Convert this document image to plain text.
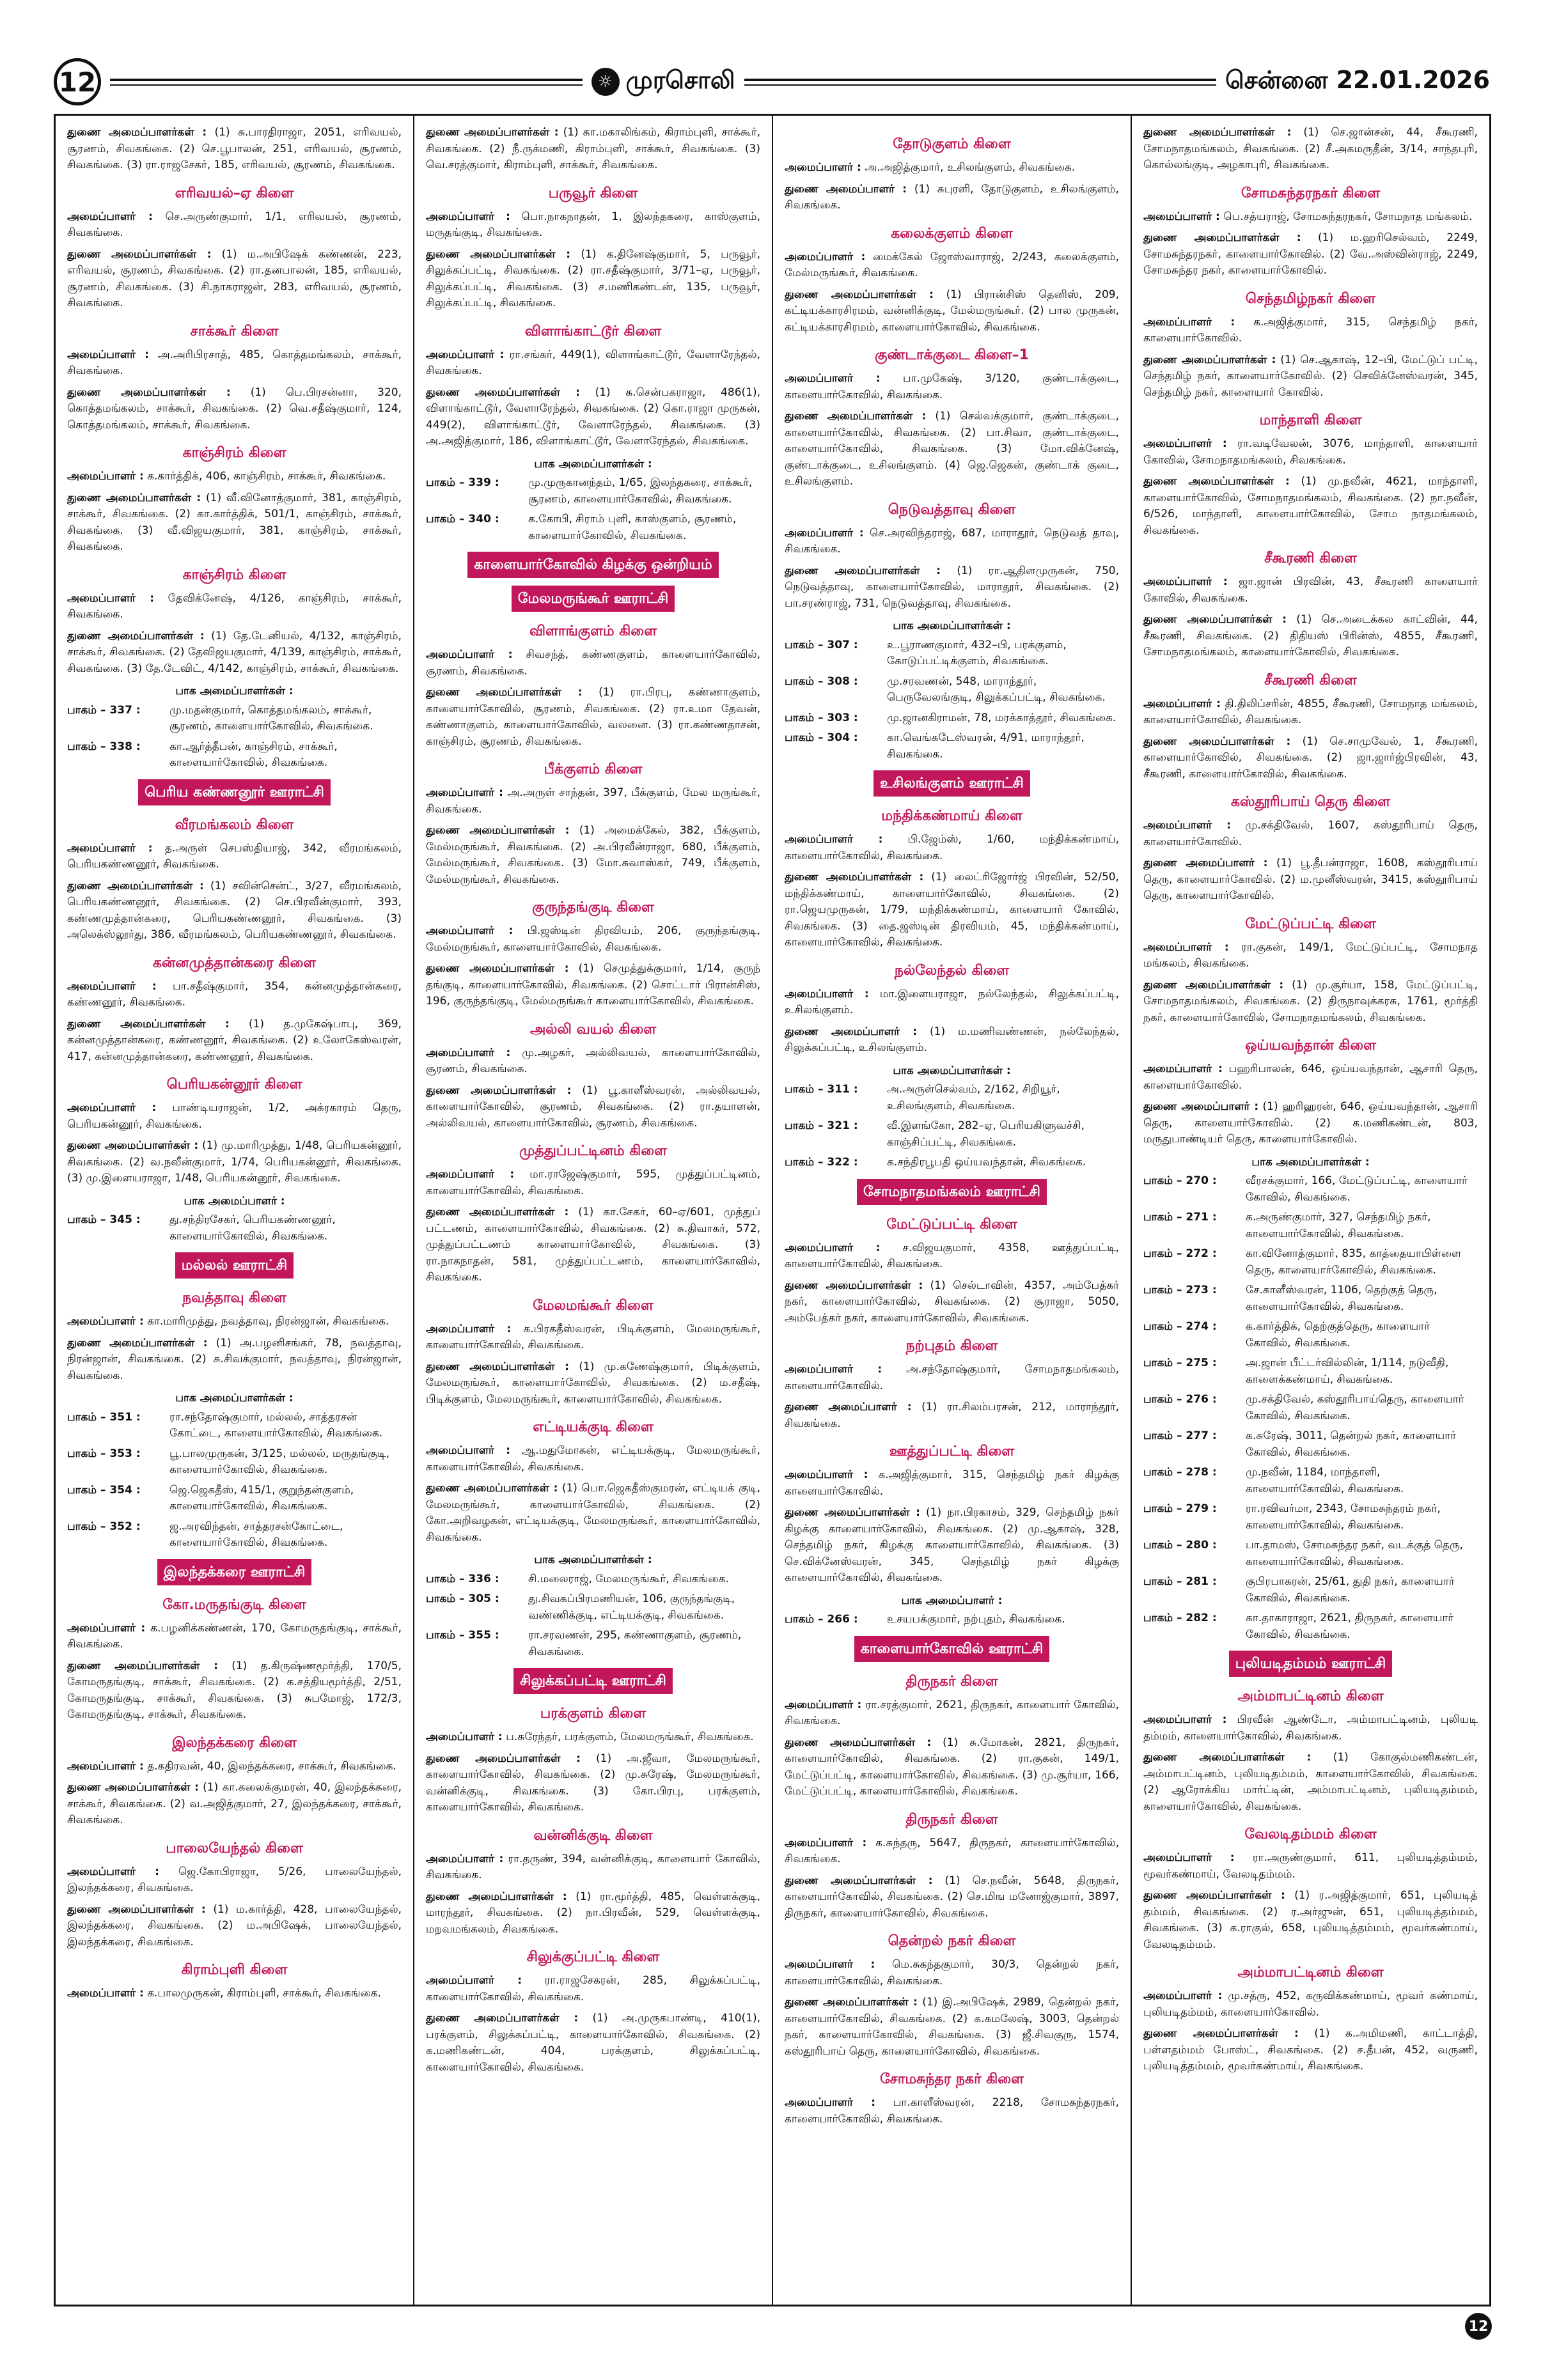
12	☼ முரசொலி	சென்னை 22.01.2026

துணை அமைப்பாளர்கள் : (1) சு.பாரதிராஜா, 2051, எரிவயல், சூரணம், சிவகங்கை. (2) செ.பூபாலன், 251, எரிவயல், சூரணம், சிவகங்கை. (3) ரா.ராஜசேகர், 185, எரிவயல், சூரணம், சிவகங்கை.

எரிவயல்–ஏ கிளை

அமைப்பாளர் : செ.அருண்குமார், 1/1, எரிவயல், சூரணம், சிவகங்கை.

துணை அமைப்பாளர்கள் : (1) ம.அபிஷேக் கண்ணன், 223, எரிவயல், சூரணம், சிவகங்கை. (2) ரா.தனபாலன், 185, எரிவயல், சூரணம், சிவகங்கை. (3) சி.நாகராஜன், 283, எரிவயல், சூரணம், சிவகங்கை.

சாக்கூர் கிளை

அமைப்பாளர் : அ.அரிபிரசாத், 485, கொத்தமங்கலம், சாக்கூர், சிவகங்கை.

துணை அமைப்பாளர்கள் : (1) பெ.பிரசன்னா, 320, கொத்தமங்கலம், சாக்கூர், சிவகங்கை. (2) வெ.சதீஷ்குமார், 124, கொத்தமங்கலம், சாக்கூர், சிவகங்கை.

காஞ்சிரம் கிளை

அமைப்பாளர் : க.கார்த்திக், 406, காஞ்சிரம், சாக்கூர், சிவகங்கை.

துணை அமைப்பாளர்கள் : (1) வீ.வினோத்குமார், 381, காஞ்சிரம், சாக்கூர், சிவகங்கை. (2) கா.கார்த்திக், 501/1, காஞ்சிரம், சாக்கூர், சிவகங்கை. (3) வீ.விஜயகுமார், 381, காஞ்சிரம், சாக்கூர், சிவகங்கை.

காஞ்சிரம் கிளை

அமைப்பாளர் : தேவிக்னேஷ், 4/126, காஞ்சிரம், சாக்கூர், சிவகங்கை.

துணை அமைப்பாளர்கள் : (1) தே.டேனியல், 4/132, காஞ்சிரம், சாக்கூர், சிவகங்கை. (2) தேவிஜயகுமார், 4/139, காஞ்சிரம், சாக்கூர், சிவகங்கை. (3) தே.டேவிட், 4/142, காஞ்சிரம், சாக்கூர், சிவகங்கை.

பாக அமைப்பாளர்கள் :
பாகம் – 337 :	மு.மதன்குமார், கொத்தமங்கலம், சாக்கூர், சூரணம், காளையார்கோவில், சிவகங்கை.
பாகம் – 338 :	கா.ஆர்த்தீபன், காஞ்சிரம், சாக்கூர், காளையார்கோவில், சிவகங்கை.
பெரிய கண்ணனூர் ஊராட்சி
வீரமங்கலம் கிளை

அமைப்பாளர் : த.அருள் செபஸ்தியாஜ், 342, வீரமங்கலம், பெரியகண்ணனூர், சிவகங்கை.

துணை அமைப்பாளர்கள் : (1) சவின்சென்ட், 3/27, வீரமங்கலம், பெரியகண்ணனூர், சிவகங்கை. (2) செ.பிரவீன்குமார், 393, கண்ணமுத்தான்கரை, பெரியகண்ணனூர், சிவகங்கை. (3) அலெக்ஸ்லூர்து, 386, வீரமங்கலம், பெரியகண்ணனூர், சிவகங்கை.

கன்னமுத்தான்கரை கிளை

அமைப்பாளர் : பா.சதீஷ்குமார், 354, கன்னமுத்தான்கரை, கண்ணனூர், சிவகங்கை.

துணை அமைப்பாளர்கள் : (1) த.முகேஷ்பாபு, 369, கன்னமுத்தான்கரை, கண்ணனூர், சிவகங்கை. (2) உலோகேஸ்வரன், 417, கன்னமுத்தான்கரை, கண்ணனூர், சிவகங்கை.

பெரியகன்னூர் கிளை

அமைப்பாளர் : பாண்டியராஜன், 1/2, அக்ரகாரம் தெரு, பெரியகன்னூர், சிவகங்கை.

துணை அமைப்பாளர்கள் : (1) மு.மாரிமுத்து, 1/48, பெரியகன்னூர், சிவகங்கை. (2) வ.நவீன்குமார், 1/74, பெரியகன்னூர், சிவகங்கை. (3) மு.இளையராஜா, 1/48, பெரியகன்னூர், சிவகங்கை.

பாக அமைப்பாளர் :
பாகம் – 345 :	து.சந்திரசேகர், பெரியகண்ணனூர், காளையார்கோவில், சிவகங்கை.
மல்லல் ஊராட்சி
நவத்தாவு கிளை

அமைப்பாளர் : கா.மாரிமுத்து, நவத்தாவு, நிரன்ஜான், சிவகங்கை.

துணை அமைப்பாளர்கள் : (1) அ.பழனிசங்கர், 78, நவத்தாவு, நிரன்ஜான், சிவகங்கை. (2) சு.சிவக்குமார், நவத்தாவு, நிரன்ஜான், சிவகங்கை.

பாக அமைப்பாளர்கள் :
பாகம் – 351 :	ரா.சந்தோஷ்குமார், மல்லல், சாத்தரசன் கோட்டை, காளையார்கோவில், சிவகங்கை.
பாகம் – 353 :	பூ.பாலமுருகன், 3/125, மல்லல், மருதங்குடி, காளையார்கோவில், சிவகங்கை.
பாகம் – 354 :	ஜெ.ஜெகதீஸ், 415/1, குறுந்தன்குளம், காளையார்கோவில், சிவகங்கை.
பாகம் – 352 :	ஜ.அரவிந்தன், சாத்தரசன்கோட்டை, காளையார்கோவில், சிவகங்கை.
இலந்தக்கரை ஊராட்சி
கோ.மருதங்குடி கிளை

அமைப்பாளர் : க.பழனிக்கண்ணன், 170, கோமருதங்குடி, சாக்கூர், சிவகங்கை.

துணை அமைப்பாளர்கள் : (1) த.கிருஷ்ணமூர்த்தி, 170/5, கோமருதங்குடி, சாக்கூர், சிவகங்கை. (2) க.சத்தியமூர்த்தி, 2/51, கோமருதங்குடி, சாக்கூர், சிவகங்கை. (3) சுபமோஜ், 172/3, கோமருதங்குடி, சாக்கூர், சிவகங்கை.

இலந்தக்கரை கிளை

அமைப்பாளர் : த.கதிரவன், 40, இலந்தக்கரை, சாக்கூர், சிவகங்கை.

துணை அமைப்பாளர்கள் : (1) கா.கலைக்குமரன், 40, இலந்தக்கரை, சாக்கூர், சிவகங்கை. (2) வ.அஜித்குமார், 27, இலந்தக்கரை, சாக்கூர், சிவகங்கை.

பாலையேந்தல் கிளை

அமைப்பாளர் : ஜெ.கோபிராஜா, 5/26, பாலையேந்தல், இலந்தக்கரை, சிவகங்கை.

துணை அமைப்பாளர்கள் : (1) ம.கார்த்தி, 428, பாலையேந்தல், இலந்தக்கரை, சிவகங்கை. (2) ம.அபிஷேக், பாலையேந்தல், இலந்தக்கரை, சிவகங்கை.

கிராம்புளி கிளை

அமைப்பாளர் : க.பாலமுருகன், கிராம்புளி, சாக்கூர், சிவகங்கை.

துணை அமைப்பாளர்கள் : (1) கா.மகாலிங்கம், கிராம்புளி, சாக்கூர், சிவகங்கை. (2) நீ.ருக்மணி, கிராம்புளி, சாக்கூர், சிவகங்கை. (3) வெ.சரத்குமார், கிராம்புளி, சாக்கூர், சிவகங்கை.

பருவூர் கிளை

அமைப்பாளர் : பொ.நாகநாதன், 1, இலந்தகரை, காஸ்குளம், மருதங்குடி, சிவகங்கை.

துணை அமைப்பாளர்கள் : (1) க.தினேஷ்குமார், 5, பருவூர், சிலுக்கப்பட்டி, சிவகங்கை. (2) ரா.சதீஷ்குமார், 3/71–ஏ, பருவூர், சிலுக்கப்பட்டி, சிவகங்கை. (3) ச.மணிகண்டன், 135, பருவூர், சிலுக்கப்பட்டி, சிவகங்கை.

விளாங்காட்டூர் கிளை

அமைப்பாளர் : ரா.சங்கர், 449(1), விளாங்காட்டூர், வேளாரேந்தல், சிவகங்கை.

துணை அமைப்பாளர்கள் : (1) க.சென்பகராஜா, 486(1), விளாங்காட்டூர், வேளாரேந்தல், சிவகங்கை. (2) கொ.ராஜா முருகன், 449(2), விளாங்காட்டூர், வேளாரேந்தல், சிவகங்கை. (3) அ.அஜித்குமார், 186, விளாங்காட்டூர், வேளாரேந்தல், சிவகங்கை.

பாக அமைப்பாளர்கள் :
பாகம் – 339 :	மு.முருகானந்தம், 1/65, இலந்தகரை, சாக்கூர், சூரணம், காளையார்கோவில், சிவகங்கை.
பாகம் – 340 :	க.கோபி, சிராம் புளி, காஸ்குளம், சூரணம், காளையார்கோவில், சிவகங்கை.
காளையார்கோவில் கிழக்கு ஒன்றியம்
மேலமருங்கூர் ஊராட்சி
விளாங்குளம் கிளை

அமைப்பாளர் : சிவசந்த், கண்ணகுளம், காளையார்கோவில், சூரணம், சிவகங்கை.

துணை அமைப்பாளர்கள் : (1) ரா.பிரபு, கண்ணாகுளம், காளையார்கோவில், சூரணம், சிவகங்கை. (2) ரா.உமா தேவன், கண்ணாகுளம், காளையார்கோவில், வலனை. (3) ரா.கண்ணதாசன், காஞ்சிரம், சூரணம், சிவகங்கை.

பீக்குளம் கிளை

அமைப்பாளர் : அ.அருள் சாந்தன், 397, பீக்குளம், மேல மருங்கூர், சிவகங்கை.

துணை அமைப்பாளர்கள் : (1) அமைக்கேல், 382, பீக்குளம், மேல்மருங்கூர், சிவகங்கை. (2) அ.பிரவீன்ராஜா, 680, பீக்குளம், மேல்மருங்கூர், சிவகங்கை. (3) மோ.சுவாஸ்கர், 749, பீக்குளம், மேல்மருங்கூர், சிவகங்கை.

குருந்தங்குடி கிளை

அமைப்பாளர் : பி.ஜஸ்டின் திரவியம், 206, குருந்தங்குடி, மேல்மருங்கூர், காளையார்கோவில், சிவகங்கை.

துணை அமைப்பாளர்கள் : (1) செமுத்துக்குமார், 1/14, குருந் தங்குடி, காளையார்கோவில், சிவகங்கை. (2) சொட்டார் பிரான்சிஸ், 196, குருந்தங்குடி, மேல்மருங்கூர் காளையார்கோவில், சிவகங்கை.

அல்லி வயல் கிளை

அமைப்பாளர் : மு.அழகர், அல்லிவயல், காளையார்கோவில், சூரணம், சிவகங்கை.

துணை அமைப்பாளர்கள் : (1) பூ.காளீஸ்வரன், அல்லிவயல், காளையார்கோவில், சூரணம், சிவகங்கை. (2) ரா.தயாளன், அல்லிவயல், காளையார்கோவில், சூரணம், சிவகங்கை.

முத்துப்பட்டினம் கிளை

அமைப்பாளர் : மா.ராஜேஷ்குமார், 595, முத்துப்பட்டினம், காளையார்கோவில், சிவகங்கை.

துணை அமைப்பாளர்கள் : (1) கா.சேகர், 60–ஏ/601, முத்துப் பட்டணம், காளையார்கோவில், சிவகங்கை. (2) சு.திவாகர், 572, முத்துப்பட்டணம் காளையார்கோவில், சிவகங்கை. (3) ரா.நாகநாதன், 581, முத்துப்பட்டணம், காளையார்கோவில், சிவகங்கை.

மேலமங்கூர் கிளை

அமைப்பாளர் : க.பிரகதீஸ்வரன், பிடிக்குளம், மேலமருங்கூர், காளையார்கோவில், சிவகங்கை.

துணை அமைப்பாளர்கள் : (1) மு.கணேஷ்குமார், பிடிக்குளம், மேலமருங்கூர், காளையார்கோவில், சிவகங்கை. (2) ம.சதீஷ், பிடிக்குளம், மேலமருங்கூர், காளையார்கோவில், சிவகங்கை.

எட்டியக்குடி கிளை

அமைப்பாளர் : ஆ.மதுமோகன், எட்டியக்குடி, மேலமருங்கூர், காளையார்கோவில், சிவகங்கை.

துணை அமைப்பாளர்கள் : (1) பொ.ஜெகதீஸ்குமரன், எட்டியக் குடி, மேலமருங்கூர், காளையார்கோவில், சிவகங்கை. (2) கோ.அறிவழகன், எட்டியக்குடி, மேலமருங்கூர், காளையார்கோவில், சிவகங்கை.

பாக அமைப்பாளர்கள் :
பாகம் – 336 :	சி.மலைராஜ், மேலமருங்கூர், சிவகங்கை.
பாகம் – 305 :	து.சிவகப்பிரமணியன், 106, குருந்தங்குடி, வண்ணிக்குடி, எட்டியக்குடி, சிவகங்கை.
பாகம் – 355 :	ரா.சரவணன், 295, கண்ணாகுளம், சூரணம், சிவகங்கை.
சிலுக்கப்பட்டி ஊராட்சி
பரக்குளம் கிளை

அமைப்பாளர் : ப.சுரேந்தர், பரக்குளம், மேலமருங்கூர், சிவகங்கை.

துணை அமைப்பாளர்கள் : (1) அ.ஜீவா, மேலமருங்கூர், காளையார்கோவில், சிவகங்கை. (2) மு.சுரேஷ், மேலமருங்கூர், வன்னிக்குடி, சிவகங்கை. (3) கோ.பிரபு, பரக்குளம், காளையார்கோவில், சிவகங்கை.

வன்னிக்குடி கிளை

அமைப்பாளர் : ரா.தருண், 394, வன்னிக்குடி, காளையார் கோவில், சிவகங்கை.

துணை அமைப்பாளர்கள் : (1) ரா.மூர்த்தி, 485, வெள்ளக்குடி, மாரந்தூர், சிவகங்கை. (2) நா.பிரவீன், 529, வெள்ளக்குடி, மறவமங்கலம், சிவகங்கை.

சிலுக்குப்பட்டி கிளை

அமைப்பாளர் : ரா.ராஜசேகரன், 285, சிலுக்கப்பட்டி, காளையார்கோவில், சிவகங்கை.

துணை அமைப்பாளர்கள் : (1) அ.முருகபாண்டி, 410(1), பரக்குளம், சிலுக்கப்பட்டி, காளையார்கோவில், சிவகங்கை. (2) க.மணிகண்டன், 404, பரக்குளம், சிலுக்கப்பட்டி, காளையார்கோவில், சிவகங்கை.

தோடுகுளம் கிளை

அமைப்பாளர் : அ.அஜித்குமார், உசிலங்குளம், சிவகங்கை.

துணை அமைப்பாளர் : (1) சுபுரளி, தோடுகுளம், உசிலங்குளம், சிவகங்கை.

கலைக்குளம் கிளை

அமைப்பாளர் : மைக்கேல் ஜோஸ்வாராஜ், 2/243, கலைக்குளம், மேல்மருங்கூர், சிவகங்கை.

துணை அமைப்பாளர்கள் : (1) பிரான்சிஸ் தெனிஸ், 209, கட்டியக்காரசிரமம், வன்னிக்குடி, மேல்மருங்கூர். (2) பால முருகன், கட்டியக்காரசிரமம், காளையார்கோவில், சிவகங்கை.

குண்டாக்குடை கிளை–1

அமைப்பாளர் : பா.முகேஷ், 3/120, குண்டாக்குடை, காளையார்கோவில், சிவகங்கை.

துணை அமைப்பாளர்கள் : (1) செல்வக்குமார், குண்டாக்குடை, காளையார்கோவில், சிவகங்கை. (2) பா.சிவா, குண்டாக்குடை, காளையார்கோவில், சிவகங்கை. (3) மோ.விக்னேஷ், குண்டாக்குடை, உசிலங்குளம். (4) ஜெ.ஜெகன், குண்டாக் குடை, உசிலங்குளம்.

நெடுவத்தாவு கிளை

அமைப்பாளர் : செ.அரவிந்தராஜ், 687, மாராதூர், நெடுவத் தாவு, சிவகங்கை.

துணை அமைப்பாளர்கள் : (1) ரா.ஆதிளமுருகன், 750, நெடுவத்தாவு, காளையார்கோவில், மாராதூர், சிவகங்கை. (2) பா.சரண்ராஜ், 731, நெடுவத்தாவு, சிவகங்கை.

பாக அமைப்பாளர்கள் :
பாகம் – 307 :	உ.பூராணகுமார், 432–பி, பரக்குளம், கோடுப்பட்டிக்குளம், சிவகங்கை.
பாகம் – 308 :	மு.சரவணன், 548, மாராந்தூர், பெருவேலங்குடி, சிலுக்கப்பட்டி, சிவகங்கை.
பாகம் – 303 :	மு.ஜானகிராமன், 78, மரக்காத்தூர், சிவகங்கை.
பாகம் – 304 :	கா.வெங்கடேஸ்வரன், 4/91, மாராந்தூர், சிவகங்கை.
உசிலங்குளம் ஊராட்சி
மந்திக்கண்மாய் கிளை

அமைப்பாளர் : பி.ஜேம்ஸ், 1/60, மந்திக்கண்மாய், காளையார்கோவில், சிவகங்கை.

துணை அமைப்பாளர்கள் : (1) லைட்ரிஜோர்ஜ் பிரவின், 52/50, மந்திக்கண்மாய், காளையார்கோவில், சிவகங்கை. (2) ரா.ஜெயமுருகன், 1/79, மந்திக்கண்மாய், காளையார் கோவில், சிவகங்கை. (3) தை.ஜஸ்டின் திரவியம், 45, மந்திக்கண்மாய், காளையார்கோவில், சிவகங்கை.

நல்லேந்தல் கிளை

அமைப்பாளர் : மா.இளையராஜா, நல்லேந்தல், சிலுக்கப்பட்டி, உசிலங்குளம்.

துணை அமைப்பாளர் : (1) ம.மணிவண்ணன், நல்லேந்தல், சிலுக்கப்பட்டி, உசிலங்குளம்.

பாக அமைப்பாளர்கள் :
பாகம் – 311 :	அ.அருள்செல்வம், 2/162, சிறியூர், உசிலங்குளம், சிவகங்கை.
பாகம் – 321 :	வீ.இளங்கோ, 282–ஏ, பெரியகிளுவச்சி, காஞ்சிப்பட்டி, சிவகங்கை.
பாகம் – 322 :	க.சந்திரபூபதி ஒய்யவந்தான், சிவகங்கை.
சோமநாதமங்கலம் ஊராட்சி
மேட்டுப்பட்டி கிளை

அமைப்பாளர் : ச.விஜயகுமார், 4358, ஊத்துப்பட்டி, காளையார்கோவில், சிவகங்கை.

துணை அமைப்பாளர்கள் : (1) செல்டாவின், 4357, அம்பேத்கர் நகர், காளையார்கோவில், சிவகங்கை. (2) சூராஜா, 5050, அம்பேத்கர் நகர், காளையார்கோவில், சிவகங்கை.

நற்புதம் கிளை

அமைப்பாளர் : அ.சந்தோஷ்குமார், சோமநாதமங்கலம், காளையார்கோவில்.

துணை அமைப்பாளர் : (1) ரா.சிலம்பரசன், 212, மாராந்தூர், சிவகங்கை.

ஊத்துப்பட்டி கிளை

அமைப்பாளர் : க.அஜித்குமார், 315, செந்தமிழ் நகர் கிழக்கு காளையார்கோவில்.

துணை அமைப்பாளர்கள் : (1) நா.பிரகாசம், 329, செந்தமிழ் நகர் கிழக்கு காளையார்கோவில், சிவகங்கை. (2) மு.ஆகாஷ், 328, செந்தமிழ் நகர், கிழக்கு காளையார்கோவில், சிவகங்கை. (3) செ.விக்னேஸ்வரன், 345, செந்தமிழ் நகர் கிழக்கு காளையார்கோவில், சிவகங்கை.

பாக அமைப்பாளர் :
பாகம் – 266 :	உசயபக்குமார், நற்புதம், சிவகங்கை.
காளையார்கோவில் ஊராட்சி
திருநகர் கிளை

அமைப்பாளர் : ரா.சரத்குமார், 2621, திருநகர், காளையார் கோவில், சிவகங்கை.

துணை அமைப்பாளர்கள் : (1) சு.மோகன், 2821, திருநகர், காளையார்கோவில், சிவகங்கை. (2) ரா.குகன், 149/1, மேட்டுப்பட்டி, காளையார்கோவில், சிவகங்கை. (3) மு.சூர்யா, 166, மேட்டுப்பட்டி, காளையார்கோவில், சிவகங்கை.

திருநகர் கிளை

அமைப்பாளர் : க.சுந்தரு, 5647, திருநகர், காளையார்கோவில், சிவகங்கை.

துணை அமைப்பாளர்கள் : (1) செ.நவீன், 5648, திருநகர், காளையார்கோவில், சிவகங்கை. (2) செ.மிங மனோஜ்குமார், 3897, திருநகர், காளையார்கோவில், சிவகங்கை.

தென்றல் நகர் கிளை

அமைப்பாளர் : மெ.சுகந்தகுமார், 30/3, தென்றல் நகர், காளையார்கோவில், சிவகங்கை.

துணை அமைப்பாளர்கள் : (1) இ.அபிஷேக், 2989, தென்றல் நகர், காளையார்கோவில், சிவகங்கை. (2) க.கமலேஷ், 3003, தென்றல் நகர், காளையார்கோவில், சிவகங்கை. (3) ஜீ.சிவகுரு, 1574, கஸ்தூரிபாய் தெரு, காளையார்கோவில், சிவகங்கை.

சோமசுந்தர நகர் கிளை

அமைப்பாளர் : பா.காளீஸ்வரன், 2218, சோமசுந்தரநகர், காளையார்கோவில், சிவகங்கை.

துணை அமைப்பாளர்கள் : (1) செ.ஜான்சன், 44, சீகூரணி, சோமநாதமங்கலம், சிவகங்கை. (2) சீ.அகமருதீன், 3/14, சாந்தபுரி, கொல்லங்குடி, அழகாபுரி, சிவகங்கை.

சோமசுந்தரநகர் கிளை

அமைப்பாளர் : பெ.சத்யராஜ், சோமசுந்தரநகர், சோமநாத மங்கலம்.

துணை அமைப்பாளர்கள் : (1) ம.ஹரிசெல்வம், 2249, சோமசுந்தரநகர், காளையார்கோவில். (2) வே.அஸ்வின்ராஜ், 2249, சோமசுந்தர நகர், காளையார்கோவில்.

செந்தமிழ்நகர் கிளை

அமைப்பாளர் : க.அஜித்குமார், 315, செந்தமிழ் நகர், காளையார்கோவில்.

துணை அமைப்பாளர்கள் : (1) செ.ஆகாஷ், 12–பி, மேட்டுப் பட்டி, செந்தமிழ் நகர், காளையார்கோவில். (2) செவிக்னேஸ்வரன், 345, செந்தமிழ் நகர், காளையார் கோவில்.

மாந்தாளி கிளை

அமைப்பாளர் : ரா.வடிவேலன், 3076, மாந்தாளி, காளையார் கோவில், சோமநாதமங்கலம், சிவகங்கை.

துணை அமைப்பாளர்கள் : (1) மு.நவீன், 4621, மாந்தாளி, காளையார்கோவில், சோமநாதமங்கலம், சிவகங்கை. (2) நா.நவீன், 6/526, மாந்தாளி, காளையார்கோவில், சோம நாதமங்கலம், சிவகங்கை.

சீகூரணி கிளை

அமைப்பாளர் : ஜா.ஜான் பிரவின், 43, சீகூரணி காளையார் கோவில், சிவகங்கை.

துணை அமைப்பாளர்கள் : (1) செ.அடைக்கல காட்வின், 44, சீகூரணி, சிவகங்கை. (2) திதியஸ் பிரின்ஸ், 4855, சீகூரணி, சோமநாதமங்கலம், காளையார்கோவில், சிவகங்கை.

சீகூரணி கிளை

அமைப்பாளர் : தி.திலிப்சரின், 4855, சீகூரணி, சோமநாத மங்கலம், காளையார்கோவில், சிவகங்கை.

துணை அமைப்பாளர்கள் : (1) செ.சாமுவேல், 1, சீகூரணி, காளையார்கோவில், சிவகங்கை. (2) ஜா.ஜார்ஜ்பிரவின், 43, சீகூரணி, காளையார்கோவில், சிவகங்கை.

கஸ்தூரிபாய் தெரு கிளை

அமைப்பாளர் : மு.சக்திவேல், 1607, கஸ்தூரிபாய் தெரு, காளையார்கோவில்.

துணை அமைப்பாளர் : (1) பூ.தீபன்ராஜா, 1608, கஸ்தூரிபாய் தெரு, காளையார்கோவில். (2) ம.முனீஸ்வரன், 3415, கஸ்தூரிபாய் தெரு, காளையார்கோவில்.

மேட்டுப்பட்டி கிளை

அமைப்பாளர் : ரா.குகன், 149/1, மேட்டுப்பட்டி, சோமநாத மங்கலம், சிவகங்கை.

துணை அமைப்பாளர்கள் : (1) மு.சூர்யா, 158, மேட்டுப்பட்டி, சோமநாதமங்கலம், சிவகங்கை. (2) திருநாவுக்கரசு, 1761, மூர்த்தி நகர், காளையார்கோவில், சோமநாதமங்கலம், சிவகங்கை.

ஒய்யவந்தான் கிளை

அமைப்பாளர் : பஹரிபாலன், 646, ஒய்யவந்தான், ஆசாரி தெரு, காளையார்கோவில்.

துணை அமைப்பாளர் : (1) ஹரிஹரன், 646, ஒய்யவந்தான், ஆசாரி தெரு, காளையார்கோவில். (2) க.மணிகண்டன், 803, மருதுபாண்டியர் தெரு, காளையார்கோவில்.

பாக அமைப்பாளர்கள் :
பாகம் – 270 :	வீரசக்குமார், 166, மேட்டுப்பட்டி, காளையார் கோவில், சிவகங்கை.
பாகம் – 271 :	க.அருண்குமார், 327, செந்தமிழ் நகர், காளையார்கோவில், சிவகங்கை.
பாகம் – 272 :	கா.வினோத்குமார், 835, காத்தையாபிள்ளை தெரு, காளையார்கோவில், சிவகங்கை.
பாகம் – 273 :	சே.காளீஸ்வரன், 1106, தெற்குத் தெரு, காளையார்கோவில், சிவகங்கை.
பாகம் – 274 :	க.கார்த்திக், தெற்குத்தெரு, காளையார் கோவில், சிவகங்கை.
பாகம் – 275 :	அ.ஜான் பீட்டர்வில்லின், 1/114, நடுவீதி, காளைக்கண்மாய், சிவகங்கை.
பாகம் – 276 :	மு.சக்திவேல், கஸ்தூரிபாய்தெரு, காளையார் கோவில், சிவகங்கை.
பாகம் – 277 :	க.சுரேஷ், 3011, தென்றல் நகர், காளையார் கோவில், சிவகங்கை.
பாகம் – 278 :	மு.நவீன், 1184, மாந்தாளி, காளையார்கோவில், சிவகங்கை.
பாகம் – 279 :	ரா.ரவிவர்மா, 2343, சோமசுந்தரம் நகர், காளையார்கோவில், சிவகங்கை.
பாகம் – 280 :	பா.தாமஸ், சோமசுந்தர நகர், வடக்குத் தெரு, காளையார்கோவில், சிவகங்கை.
பாகம் – 281 :	குபிரபாகரன், 25/61, துதி நகர், காளையார் கோவில், சிவகங்கை.
பாகம் – 282 :	கா.தாகாராஜா, 2621, திருநகர், காளையார் கோவில், சிவகங்கை.
புலியடிதம்மம் ஊராட்சி
அம்மாபட்டினம் கிளை

அமைப்பாளர் : பிரவீன் ஆண்டோ, அம்மாபட்டினம், புலியடி தம்மம், காளையார்கோவில், சிவகங்கை.

துணை அமைப்பாளர்கள் : (1) கோகுல்மணிகண்டன், அம்மாபட்டினம், புலியடிதம்மம், காளையார்கோவில், சிவகங்கை. (2) ஆரோக்கிய மார்ட்டின், அம்மாபட்டினம், புலியடிதம்மம், காளையார்கோவில், சிவகங்கை.

வேலடிதம்மம் கிளை

அமைப்பாளர் : ரா.அருண்குமார், 611, புலியடித்தம்மம், மூவர்கண்மாய், வேலடிதம்மம்.

துணை அமைப்பாளர்கள் : (1) ர.அஜித்குமார், 651, புலியடித் தம்மம், சிவகங்கை. (2) ர.அர்ஜுன், 651, புலியடித்தம்மம், சிவகங்கை. (3) க.ராகுல், 658, புலியடித்தம்மம், மூவர்கண்மாய், வேலடிதம்மம்.

அம்மாபட்டினம் கிளை

அமைப்பாளர் : மு.சத்ரு, 452, கருவிக்கண்மாய், மூவர் கண்மாய், புலியடிதம்மம், காளையார்கோவில்.

துணை அமைப்பாளர்கள் : (1) க.அமிமணி, காட்டாத்தி, பள்ளதம்மம் போஸ்ட், சிவகங்கை. (2) ச.தீபன், 452, வருணி, புலியடித்தம்மம், மூவர்கண்மாய், சிவகங்கை.

12
